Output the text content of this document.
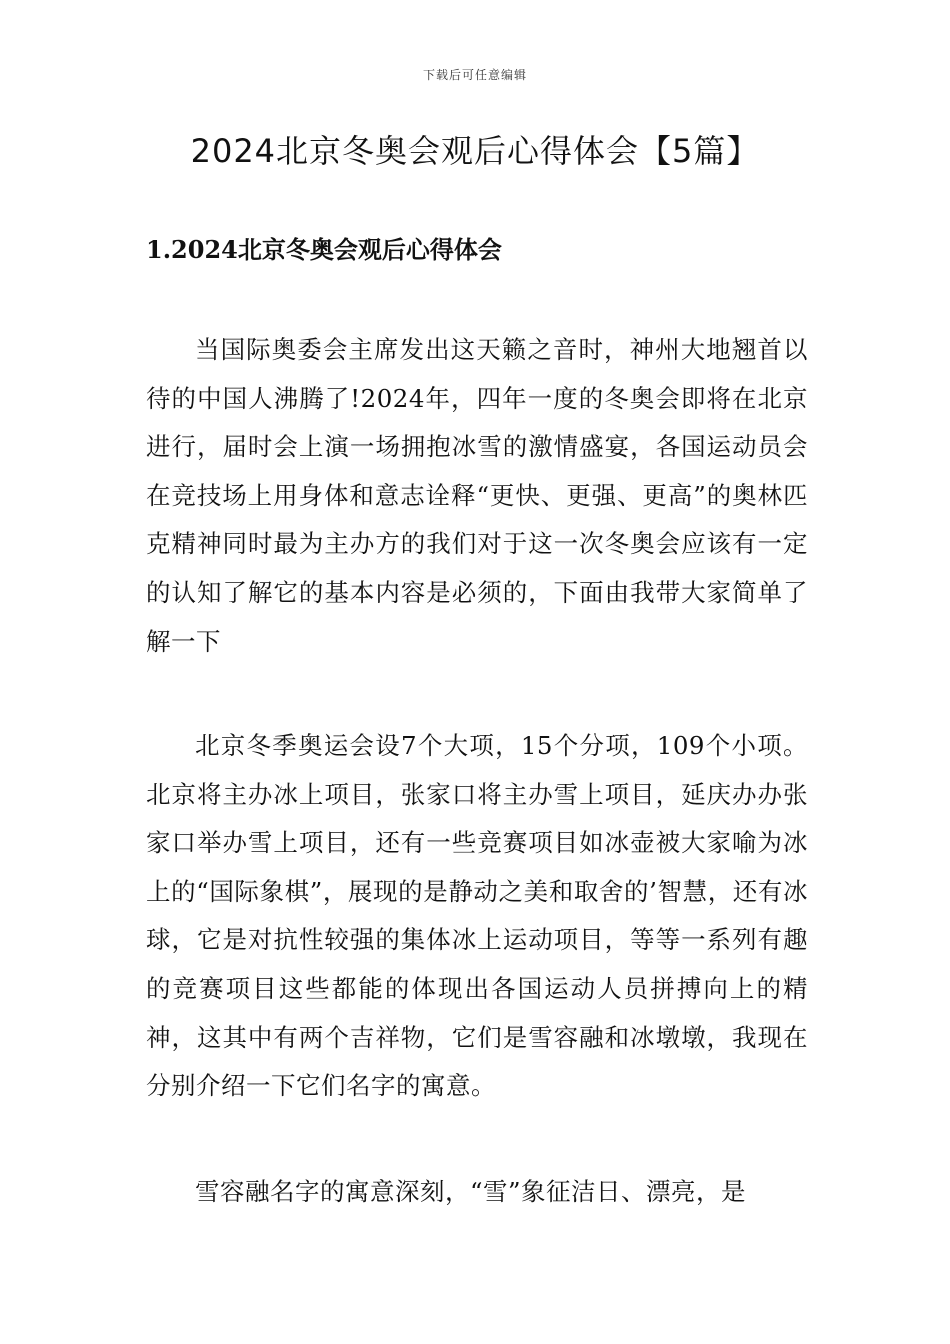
下载后可任意编辑
2024北京冬奥会观后心得体会【5篇】
1.2024北京冬奥会观后心得体会

当国际奥委会主席发出这天籁之音时，神州大地翘首以待的中国人沸腾了!2024年，四年一度的冬奥会即将在北京进行，届时会上演一场拥抱冰雪的激情盛宴，各国运动员会在竞技场上用身体和意志诠释“更快、更强、更高”的奥林匹克精神同时最为主办方的我们对于这一次冬奥会应该有一定的认知了解它的基本内容是必须的，下面由我带大家简单了解一下

北京冬季奥运会设7个大项，15个分项，109个小项。北京将主办冰上项目，张家口将主办雪上项目，延庆办办张家口举办雪上项目，还有一些竞赛项目如冰壶被大家喻为冰上的“国际象棋”，展现的是静动之美和取舍的’智慧，还有冰球，它是对抗性较强的集体冰上运动项目，等等一系列有趣的竞赛项目这些都能的体现出各国运动人员拼搏向上的精神，这其中有两个吉祥物，它们是雪容融和冰墩墩，我现在分别介绍一下它们名字的寓意。

雪容融名字的寓意深刻，“雪”象征洁日、漂亮，是
